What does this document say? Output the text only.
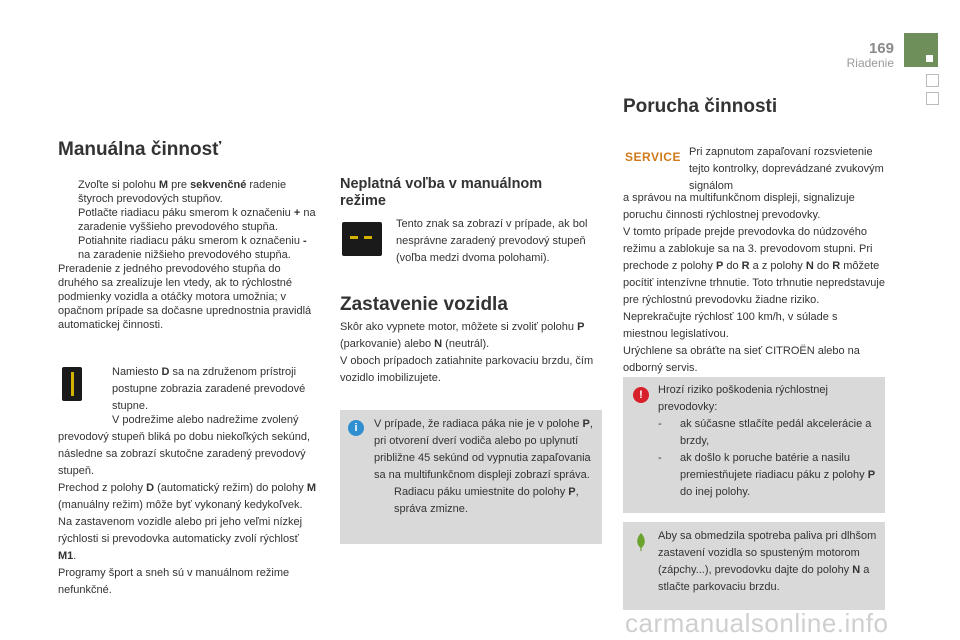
169
Riadenie
Manuálna činnosť
Zvoľte si polohu M pre sekvenčné radenie štyroch prevodových stupňov.
Potlačte riadiacu páku smerom k označeniu + na zaradenie vyššieho prevodového stupňa.
Potiahnite riadiacu páku smerom k označeniu - na zaradenie nižšieho prevodového stupňa.
Preradenie z jedného prevodového stupňa do druhého sa zrealizuje len vtedy, ak to rýchlostné podmienky vozidla a otáčky motora umožnia; v opačnom prípade sa dočasne uprednostnia pravidlá automatickej činnosti.
Namiesto D sa na združenom prístroji postupne zobrazia zaradené prevodové stupne.
V podrežime alebo nadrežime zvolený prevodový stupeň bliká po dobu niekoľkých sekúnd, následne sa zobrazí skutočne zaradený prevodový stupeň.
Prechod z polohy D (automatický režim) do polohy M (manuálny režim) môže byť vykonaný kedykoľvek.
Na zastavenom vozidle alebo pri jeho veľmi nízkej rýchlosti si prevodovka automaticky zvolí rýchlosť M1.
Programy šport a sneh sú v manuálnom režime nefunkčné.
Neplatná voľba v manuálnom režime
Tento znak sa zobrazí v prípade, ak bol nesprávne zaradený prevodový stupeň (voľba medzi dvoma polohami).
Zastavenie vozidla
Skôr ako vypnete motor, môžete si zvoliť polohu P (parkovanie) alebo N (neutrál).
V oboch prípadoch zatiahnite parkovaciu brzdu, čím vozidlo imobilizujete.
i	V prípade, že radiaca páka nie je v polohe P, pri otvorení dverí vodiča alebo po uplynutí približne 45 sekúnd od vypnutia zapaľovania sa na multifunkčnom displeji zobrazí správa.
Radiacu páku umiestnite do polohy P, správa zmizne.
Porucha činnosti
SERVICE Pri zapnutom zapaľovaní rozsvietenie tejto kontrolky, doprevádzané zvukovým signálom
a správou na multifunkčnom displeji, signalizuje poruchu činnosti rýchlostnej prevodovky.
V tomto prípade prejde prevodovka do núdzového režimu a zablokuje sa na 3. prevodovom stupni. Pri prechode z polohy P do R a z polohy N do R môžete pocítiť intenzívne trhnutie. Toto trhnutie nepredstavuje pre rýchlostnú prevodovku žiadne riziko.
Neprekračujte rýchlosť 100 km/h, v súlade s miestnou legislatívou.
Urýchlene sa obráťte na sieť CITROËN alebo na odborný servis.
!	Hrozí riziko poškodenia rýchlostnej prevodovky:
- ak súčasne stlačíte pedál akcelerácie a brzdy,
- ak došlo k poruche batérie a nasilu premiestňujete riadiacu páku z polohy P do inej polohy.
Aby sa obmedzila spotreba paliva pri dlhšom zastavení vozidla so spusteným motorom (zápchy...), prevodovku dajte do polohy N a stlačte parkovaciu brzdu.
carmanualsonline.info
